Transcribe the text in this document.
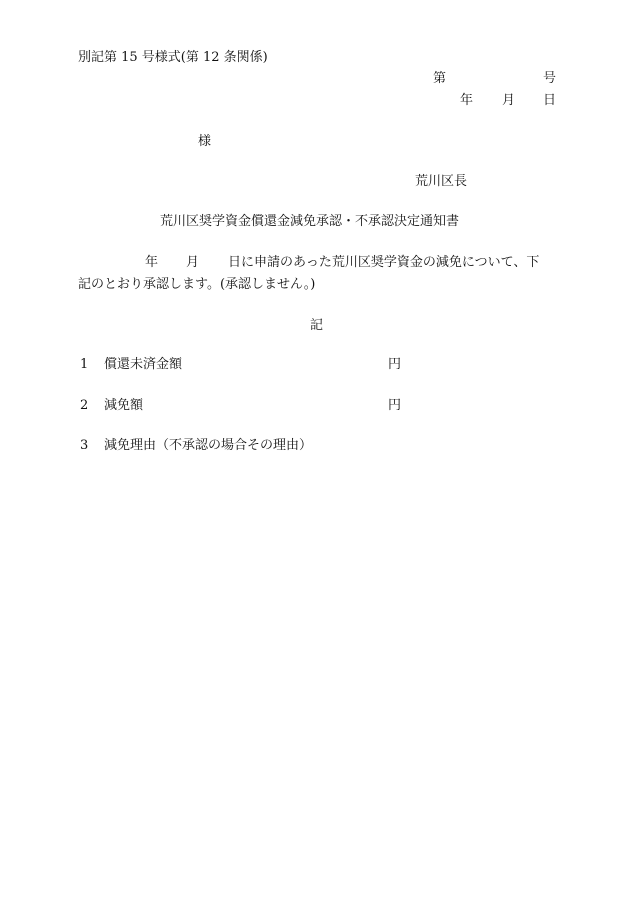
別記第 15 号様式(第 12 条関係)
第	号
年 月 日
様
荒川区長
荒川区奨学資金償還金減免承認・不承認決定通知書
年 月 日に申請のあった荒川区奨学資金の減免について、下
記のとおり承認します。(承認しません。)
記
1 償還未済金額	円
2 減免額	円
3 減免理由（不承認の場合その理由）
